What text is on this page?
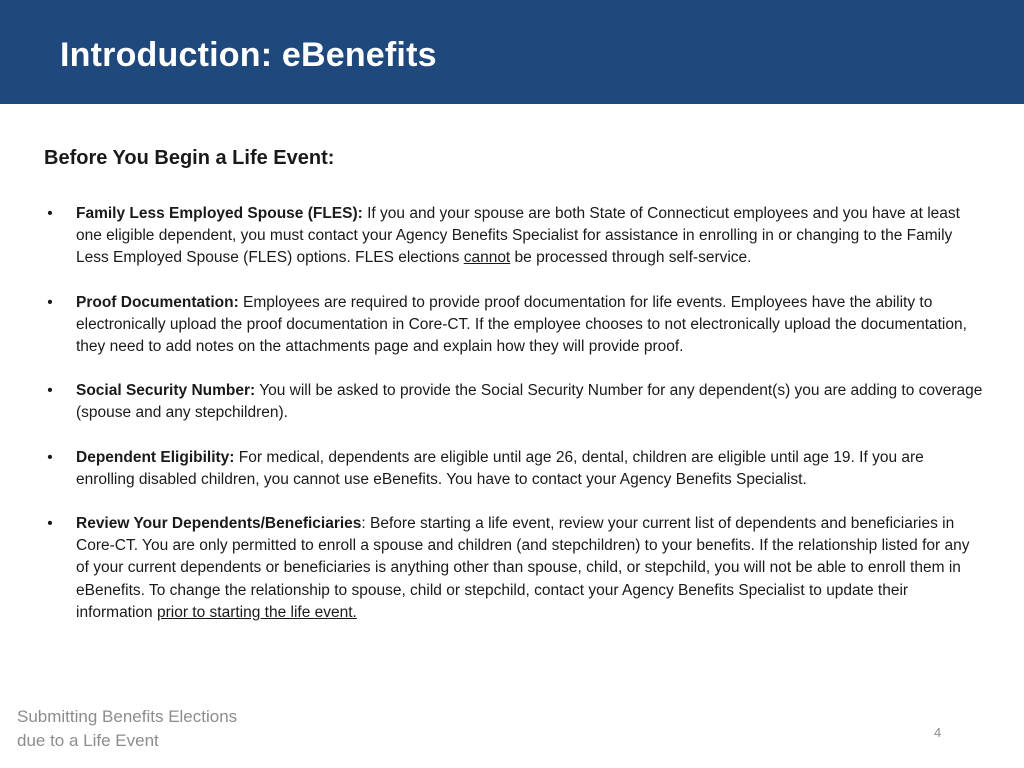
Introduction: eBenefits
Before You Begin a Life Event:
• Family Less Employed Spouse (FLES): If you and your spouse are both State of Connecticut employees and you have at least one eligible dependent, you must contact your Agency Benefits Specialist for assistance in enrolling in or changing to the Family Less Employed Spouse (FLES) options. FLES elections cannot be processed through self-service.
• Proof Documentation: Employees are required to provide proof documentation for life events. Employees have the ability to electronically upload the proof documentation in Core-CT. If the employee chooses to not electronically upload the documentation, they need to add notes on the attachments page and explain how they will provide proof.
• Social Security Number: You will be asked to provide the Social Security Number for any dependent(s) you are adding to coverage (spouse and any stepchildren).
• Dependent Eligibility: For medical, dependents are eligible until age 26, dental, children are eligible until age 19. If you are enrolling disabled children, you cannot use eBenefits. You have to contact your Agency Benefits Specialist.
• Review Your Dependents/Beneficiaries: Before starting a life event, review your current list of dependents and beneficiaries in Core-CT. You are only permitted to enroll a spouse and children (and stepchildren) to your benefits. If the relationship listed for any of your current dependents or beneficiaries is anything other than spouse, child, or stepchild, you will not be able to enroll them in eBenefits. To change the relationship to spouse, child or stepchild, contact your Agency Benefits Specialist to update their information prior to starting the life event.
Submitting Benefits Elections
due to a Life Event	4
